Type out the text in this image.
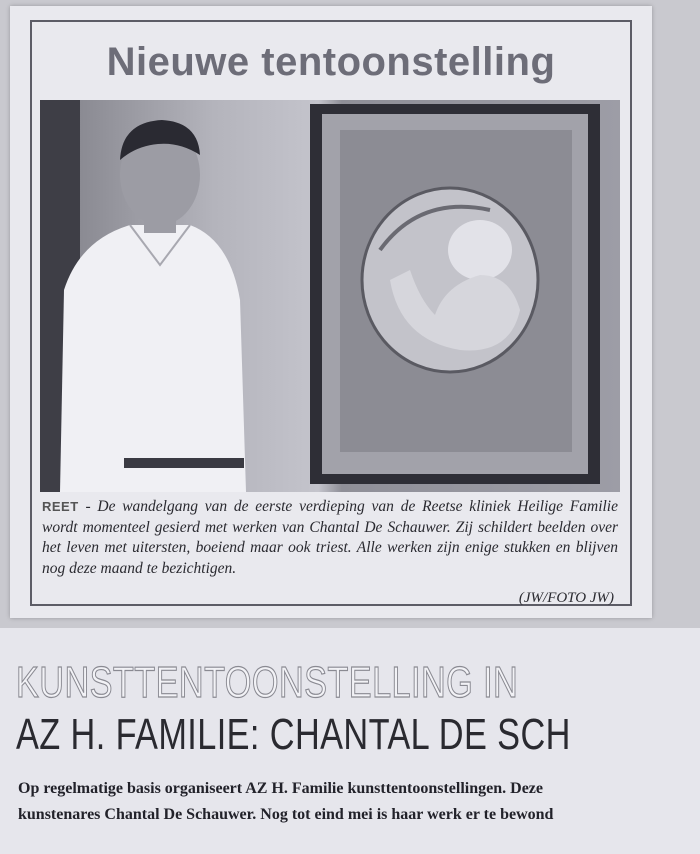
Nieuwe tentoonstelling
REET - De wandelgang van de eerste verdieping van de Reetse kliniek Heilige Familie wordt momenteel gesierd met werken van Chantal De Schauwer. Zij schildert beelden over het leven met uitersten, boeiend maar ook triest. Alle werken zijn enige stukken en blijven nog deze maand te bezichtigen.
(JW/FOTO JW)
KUNSTTENTOONSTELLING IN
AZ H. FAMILIE: CHANTAL DE SCH
Op regelmatige basis organiseert AZ H. Familie kunsttentoonstellingen. Deze
kunstenares Chantal De Schauwer. Nog tot eind mei is haar werk er te bewond
